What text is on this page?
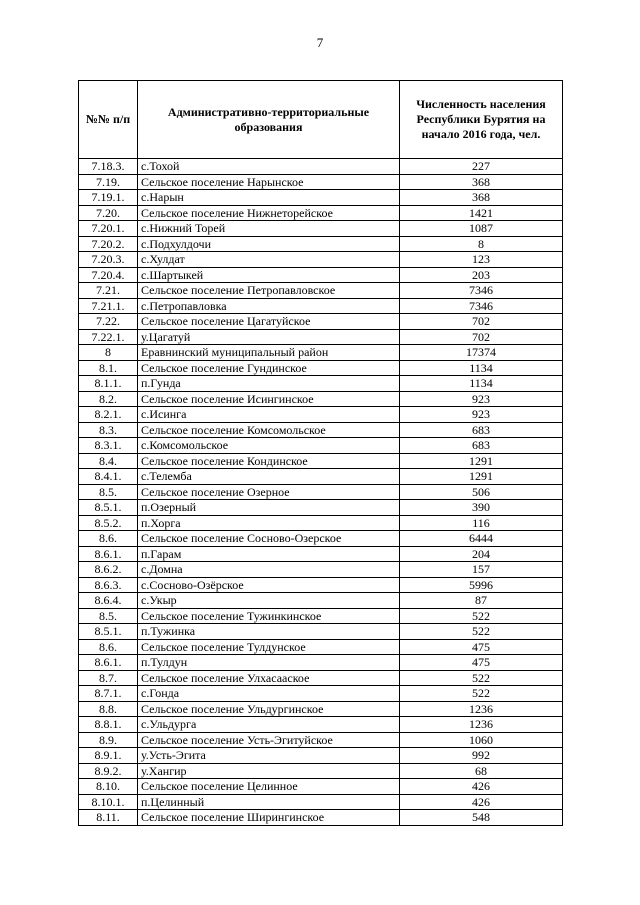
7
№№ п/п	Административно-территориальные образования	Численность населения Республики Бурятия на начало 2016 года, чел.
7.18.3.	с.Тохой	227
7.19.	Сельское поселение Нарынское	368
7.19.1.	с.Нарын	368
7.20.	Сельское поселение Нижнеторейское	1421
7.20.1.	с.Нижний Торей	1087
7.20.2.	с.Подхулдочи	8
7.20.3.	с.Хулдат	123
7.20.4.	с.Шартыкей	203
7.21.	Сельское поселение Петропавловское	7346
7.21.1.	с.Петропавловка	7346
7.22.	Сельское поселение Цагатуйское	702
7.22.1.	у.Цагатуй	702
8	Еравнинский муниципальный район	17374
8.1.	Сельское поселение Гундинское	1134
8.1.1.	п.Гунда	1134
8.2.	Сельское поселение Исингинское	923
8.2.1.	с.Исинга	923
8.3.	Сельское поселение Комсомольское	683
8.3.1.	с.Комсомольское	683
8.4.	Сельское поселение Кондинское	1291
8.4.1.	с.Телемба	1291
8.5.	Сельское поселение Озерное	506
8.5.1.	п.Озерный	390
8.5.2.	п.Хорга	116
8.6.	Сельское поселение Сосново-Озерское	6444
8.6.1.	п.Гарам	204
8.6.2.	с.Домна	157
8.6.3.	с.Сосново-Озёрское	5996
8.6.4.	с.Укыр	87
8.5.	Сельское поселение Тужинкинское	522
8.5.1.	п.Тужинка	522
8.6.	Сельское поселение Тулдунское	475
8.6.1.	п.Тулдун	475
8.7.	Сельское поселение Улхасаaское	522
8.7.1.	с.Гонда	522
8.8.	Сельское поселение Ульдургинское	1236
8.8.1.	с.Ульдурга	1236
8.9.	Сельское поселение Усть-Эгитуйское	1060
8.9.1.	у.Усть-Эгита	992
8.9.2.	у.Хангир	68
8.10.	Сельское поселение Целинное	426
8.10.1.	п.Целинный	426
8.11.	Сельское поселение Ширингинское	548
